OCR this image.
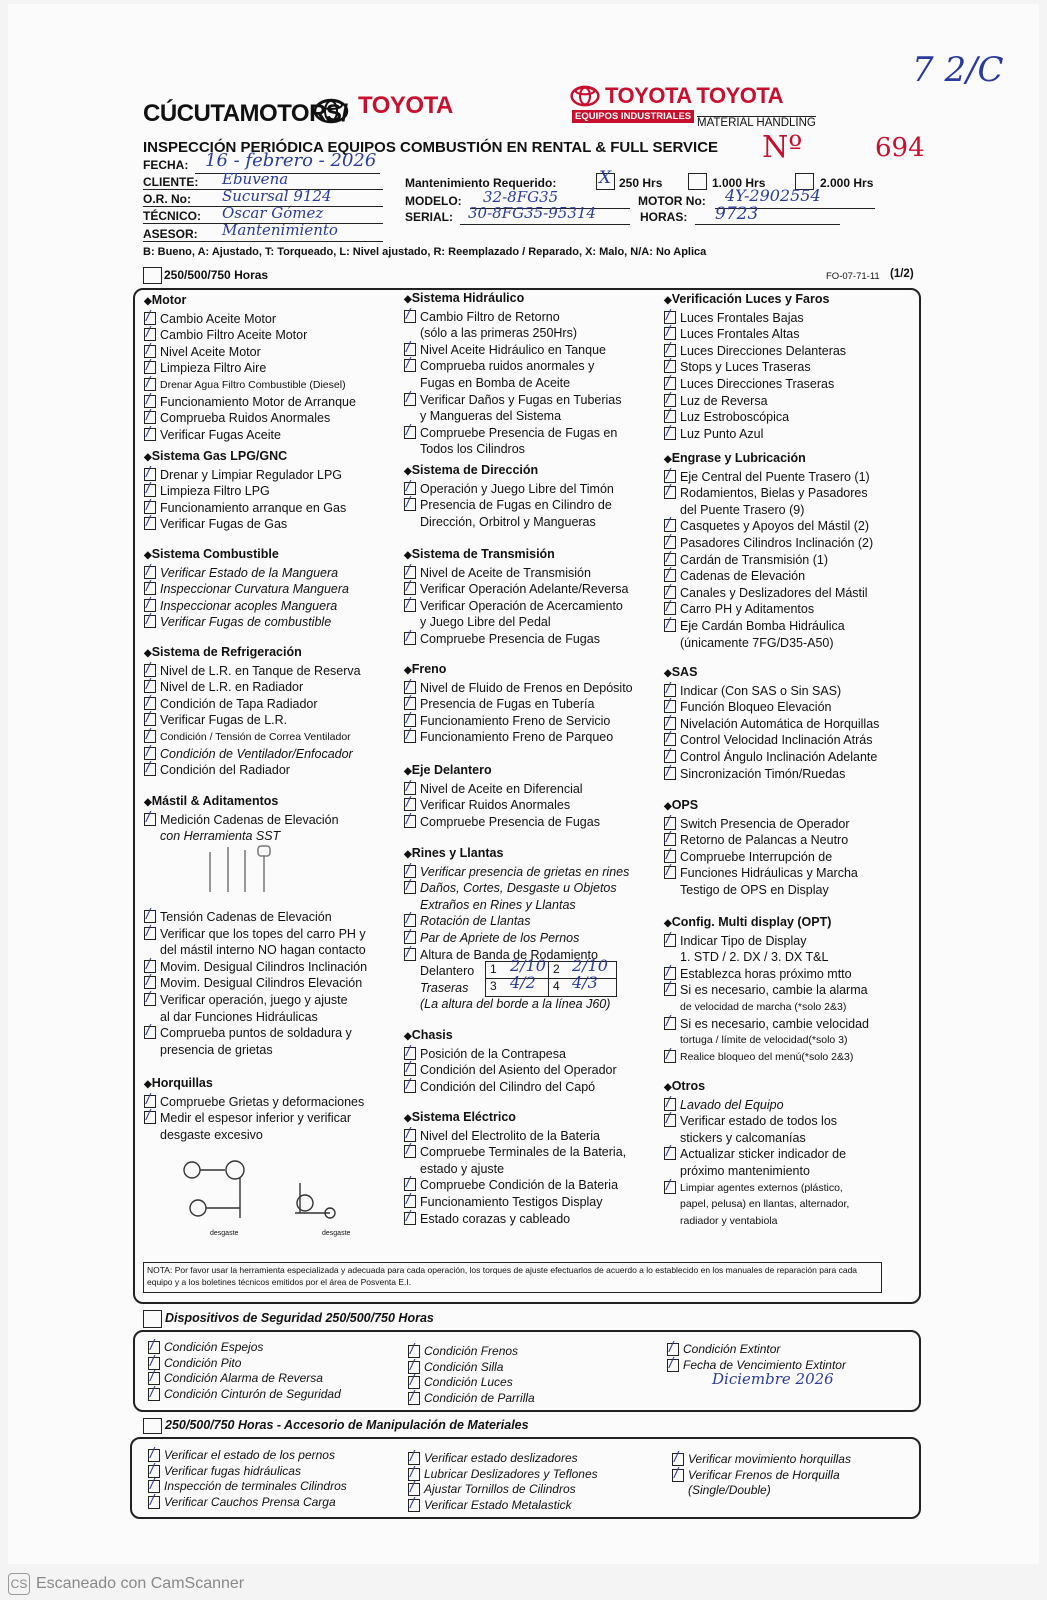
7 2/C
CÚCUTAMOTORS/ TOYOTA	TOYOTA TOYOTA
EQUIPOS INDUSTRIALES
MATERIAL HANDLING
INSPECCIÓN PERIÓDICA EQUIPOS COMBUSTIÓN EN RENTAL & FULL SERVICE Nº	694
FECHA: 16 - febrero - 2026
CLIENTE: Ebuvena
O.R. No: Sucursal 9124
TÉCNICO: Oscar Gómez
ASESOR: Mantenimiento
Mantenimiento Requerido:	X 250 Hrs	1.000 Hrs	2.000 Hrs
MODELO: 32-8FG35	MOTOR No: 4Y-2902554
SERIAL: 30-8FG35-95314	HORAS: 9723
B: Bueno, A: Ajustado, T: Torqueado, L: Nivel ajustado, R: Reemplazado / Reparado, X: Malo, N/A: No Aplica
250/500/750 Horas	FO-07-71-11 (1/2)
◆ Motor
/
Cambio Aceite Motor
/
Cambio Filtro Aceite Motor
/
Nivel Aceite Motor
/
Limpieza Filtro Aire
/
Drenar Agua Filtro Combustible (Diesel)
/
Funcionamiento Motor de Arranque
/
Comprueba Ruidos Anormales
/
Verificar Fugas Aceite
◆ Sistema Gas LPG/GNC
/
Drenar y Limpiar Regulador LPG
/
Limpieza Filtro LPG
/
Funcionamiento arranque en Gas
/
Verificar Fugas de Gas
◆ Sistema Combustible
/
Verificar Estado de la Manguera
/
Inspeccionar Curvatura Manguera
/
Inspeccionar acoples Manguera
/
Verificar Fugas de combustible
◆ Sistema de Refrigeración
/
Nivel de L.R. en Tanque de Reserva
/
Nivel de L.R. en Radiador
/
Condición de Tapa Radiador
/
Verificar Fugas de L.R.
/
Condición / Tensión de Correa Ventilador
/
Condición de Ventilador/Enfocador
/
Condición del Radiador
◆ Mástil & Aditamentos
/
Medición Cadenas de Elevación
con Herramienta SST
/
Tensión Cadenas de Elevación
/
Verificar que los topes del carro PH y
del mástil interno NO hagan contacto
/
Movim. Desigual Cilindros Inclinación
/
Movim. Desigual Cilindros Elevación
/
Verificar operación, juego y ajuste
al dar Funciones Hidráulicas
/
Comprueba puntos de soldadura y
presencia de grietas
◆ Horquillas
/
Compruebe Grietas y deformaciones
/
Medir el espesor inferior y verificar
desgaste excesivo
desgaste	desgaste
◆ Sistema Hidráulico
/
Cambio Filtro de Retorno
(sólo a las primeras 250Hrs)
/
Nivel Aceite Hidráulico en Tanque
/
Comprueba ruidos anormales y
Fugas en Bomba de Aceite
/
Verificar Daños y Fugas en Tuberias
y Mangueras del Sistema
/
Compruebe Presencia de Fugas en
Todos los Cilindros
◆ Sistema de Dirección
/
Operación y Juego Libre del Timón
/
Presencia de Fugas en Cilindro de
Dirección, Orbitrol y Mangueras
◆ Sistema de Transmisión
/
Nivel de Aceite de Transmisión
/
Verificar Operación Adelante/Reversa
/
Verificar Operación de Acercamiento
y Juego Libre del Pedal
/
Compruebe Presencia de Fugas
◆ Freno
/
Nivel de Fluido de Frenos en Depósito
/
Presencia de Fugas en Tubería
/
Funcionamiento Freno de Servicio
/
Funcionamiento Freno de Parqueo
◆ Eje Delantero
/
Nivel de Aceite en Diferencial
/
Verificar Ruidos Anormales
/
Compruebe Presencia de Fugas
◆ Rines y Llantas
/
Verificar presencia de grietas en rines
/
Daños, Cortes, Desgaste u Objetos
Extraños en Rines y Llantas
/
Rotación de Llantas
/
Par de Apriete de los Pernos
/
Altura de Banda de Rodamiento
Delantero
Traseras
(La altura del borde a la línea J60)
1 2/10 2 2/10
3 4/2 4 4/3
◆ Chasis
/
Posición de la Contrapesa
/
Condición del Asiento del Operador
/
Condición del Cilindro del Capó
◆ Sistema Eléctrico
/
Nivel del Electrolito de la Bateria
/
Compruebe Terminales de la Bateria,
estado y ajuste
/
Compruebe Condición de la Bateria
/
Funcionamiento Testigos Display
/
Estado corazas y cableado
◆ Verificación Luces y Faros
/
Luces Frontales Bajas
/
Luces Frontales Altas
/
Luces Direcciones Delanteras
/
Stops y Luces Traseras
/
Luces Direcciones Traseras
/
Luz de Reversa
/
Luz Estroboscópica
/
Luz Punto Azul
◆ Engrase y Lubricación
/
Eje Central del Puente Trasero (1)
/
Rodamientos, Bielas y Pasadores
del Puente Trasero (9)
/
Casquetes y Apoyos del Mástil (2)
/
Pasadores Cilindros Inclinación (2)
/
Cardán de Transmisión (1)
/
Cadenas de Elevación
/
Canales y Deslizadores del Mástil
/
Carro PH y Aditamentos
/
Eje Cardán Bomba Hidráulica
(únicamente 7FG/D35-A50)
◆ SAS
/
Indicar (Con SAS o Sin SAS)
/
Función Bloqueo Elevación
/
Nivelación Automática de Horquillas
/
Control Velocidad Inclinación Atrás
/
Control Ángulo Inclinación Adelante
/
Sincronización Timón/Ruedas
◆ OPS
/
Switch Presencia de Operador
/
Retorno de Palancas a Neutro
/
Compruebe Interrupción de
/
Funciones Hidráulicas y Marcha
Testigo de OPS en Display
◆ Config. Multi display (OPT)
/
Indicar Tipo de Display
1. STD / 2. DX / 3. DX T&L
/
Establezca horas próximo mtto
/
Si es necesario, cambie la alarma
de velocidad de marcha (*solo 2&3)
/
Si es necesario, cambie velocidad
tortuga / límite de velocidad(*solo 3)
/
Realice bloqueo del menú(*solo 2&3)
◆ Otros
/
Lavado del Equipo
/
Verificar estado de todos los
stickers y calcomanías
/
Actualizar sticker indicador de
próximo mantenimiento
/
Limpiar agentes externos (plástico,
papel, pelusa) en llantas, alternador,
radiador y ventabiola
NOTA: Por favor usar la herramienta especializada y adecuada para cada operación, los torques de ajuste efectuarlos de acuerdo a lo establecido en los manuales de reparación para cada equipo y a los boletines técnicos emitidos por el área de Posventa E.I.
Dispositivos de Seguridad 250/500/750 Horas
/
Condición Espejos
/
Condición Pito
/
Condición Alarma de Reversa
/
Condición Cinturón de Seguridad
/
Condición Frenos
/
Condición Silla
/
Condición Luces
/
Condición de Parrilla
/
Condición Extintor
/
Fecha de Vencimiento Extintor
Diciembre 2026
250/500/750 Horas - Accesorio de Manipulación de Materiales
/
Verificar el estado de los pernos
/
Verificar fugas hidráulicas
/
Inspección de terminales Cilindros
/
Verificar Cauchos Prensa Carga
/
Verificar estado deslizadores
/
Lubricar Deslizadores y Teflones
/
Ajustar Tornillos de Cilindros
/
Verificar Estado Metalastick
/
Verificar movimiento horquillas
/
Verificar Frenos de Horquilla
(Single/Double)
CS Escaneado con CamScanner
